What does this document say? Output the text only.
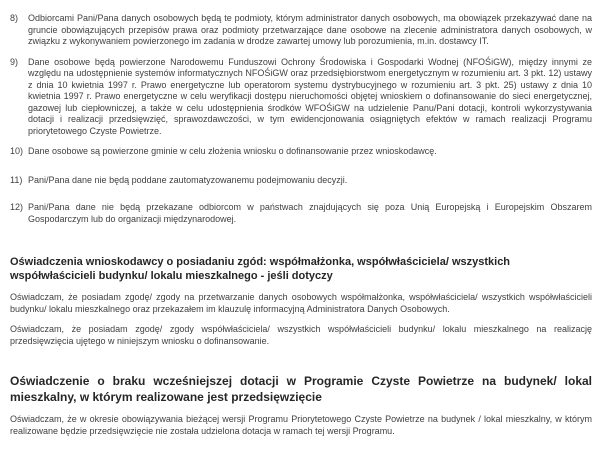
8)	Odbiorcami Pani/Pana danych osobowych będą te podmioty, którym administrator danych osobowych, ma obowiązek przekazywać dane na gruncie obowiązujących przepisów prawa oraz podmioty przetwarzające dane osobowe na zlecenie administratora danych osobowych, w związku z wykonywaniem powierzonego im zadania w drodze zawartej umowy lub porozumienia, m.in. dostawcy IT.
9)	Dane osobowe będą powierzone Narodowemu Funduszowi Ochrony Środowiska i Gospodarki Wodnej (NFOŚiGW), między innymi ze względu na udostępnienie systemów informatycznych NFOŚiGW oraz przedsiębiorstwom energetycznym w rozumieniu art. 3 pkt. 12) ustawy z dnia 10 kwietnia 1997 r. Prawo energetyczne lub operatorom systemu dystrybucyjnego w rozumieniu art. 3 pkt. 25) ustawy z dnia 10 kwietnia 1997 r. Prawo energetyczne w celu weryfikacji dostępu nieruchomości objętej wnioskiem o dofinansowanie do sieci energetycznej, gazowej lub ciepłowniczej, a także w celu udostępnienia środków WFOŚiGW na udzielenie Panu/Pani dotacji, kontroli wykorzystywania dotacji i realizacji przedsięwzięć, sprawozdawczości, w tym ewidencjonowania osiągniętych efektów w ramach realizacji Programu priorytetowego Czyste Powietrze.
10) Dane osobowe są powierzone gminie w celu złożenia wniosku o dofinansowanie przez wnioskodawcę.
11) Pani/Pana dane nie będą poddane zautomatyzowanemu podejmowaniu decyzji.
12) Pani/Pana dane nie będą przekazane odbiorcom w państwach znajdujących się poza Unią Europejską i Europejskim Obszarem Gospodarczym lub do organizacji międzynarodowej.
Oświadczenia wnioskodawcy o posiadaniu zgód: współmałżonka, współwłaściciela/ wszystkich współwłaścicieli budynku/ lokalu mieszkalnego - jeśli dotyczy

Oświadczam, że posiadam zgodę/ zgody na przetwarzanie danych osobowych współmałżonka, współwłaściciela/ wszystkich współwłaścicieli budynku/ lokalu mieszkalnego oraz przekazałem im klauzulę informacyjną Administratora Danych Osobowych.

Oświadczam, że posiadam zgodę/ zgody współwłaściciela/ wszystkich współwłaścicieli budynku/ lokalu mieszkalnego na realizację przedsięwzięcia ujętego w niniejszym wniosku o dofinansowanie.

Oświadczenie o braku wcześniejszej dotacji w Programie Czyste Powietrze na budynek/ lokal mieszkalny, w którym realizowane jest przedsięwzięcie

Oświadczam, że w okresie obowiązywania bieżącej wersji Programu Priorytetowego Czyste Powietrze na budynek / lokal mieszkalny, w którym realizowane będzie przedsięwzięcie nie została udzielona dotacja w ramach tej wersji Programu.
